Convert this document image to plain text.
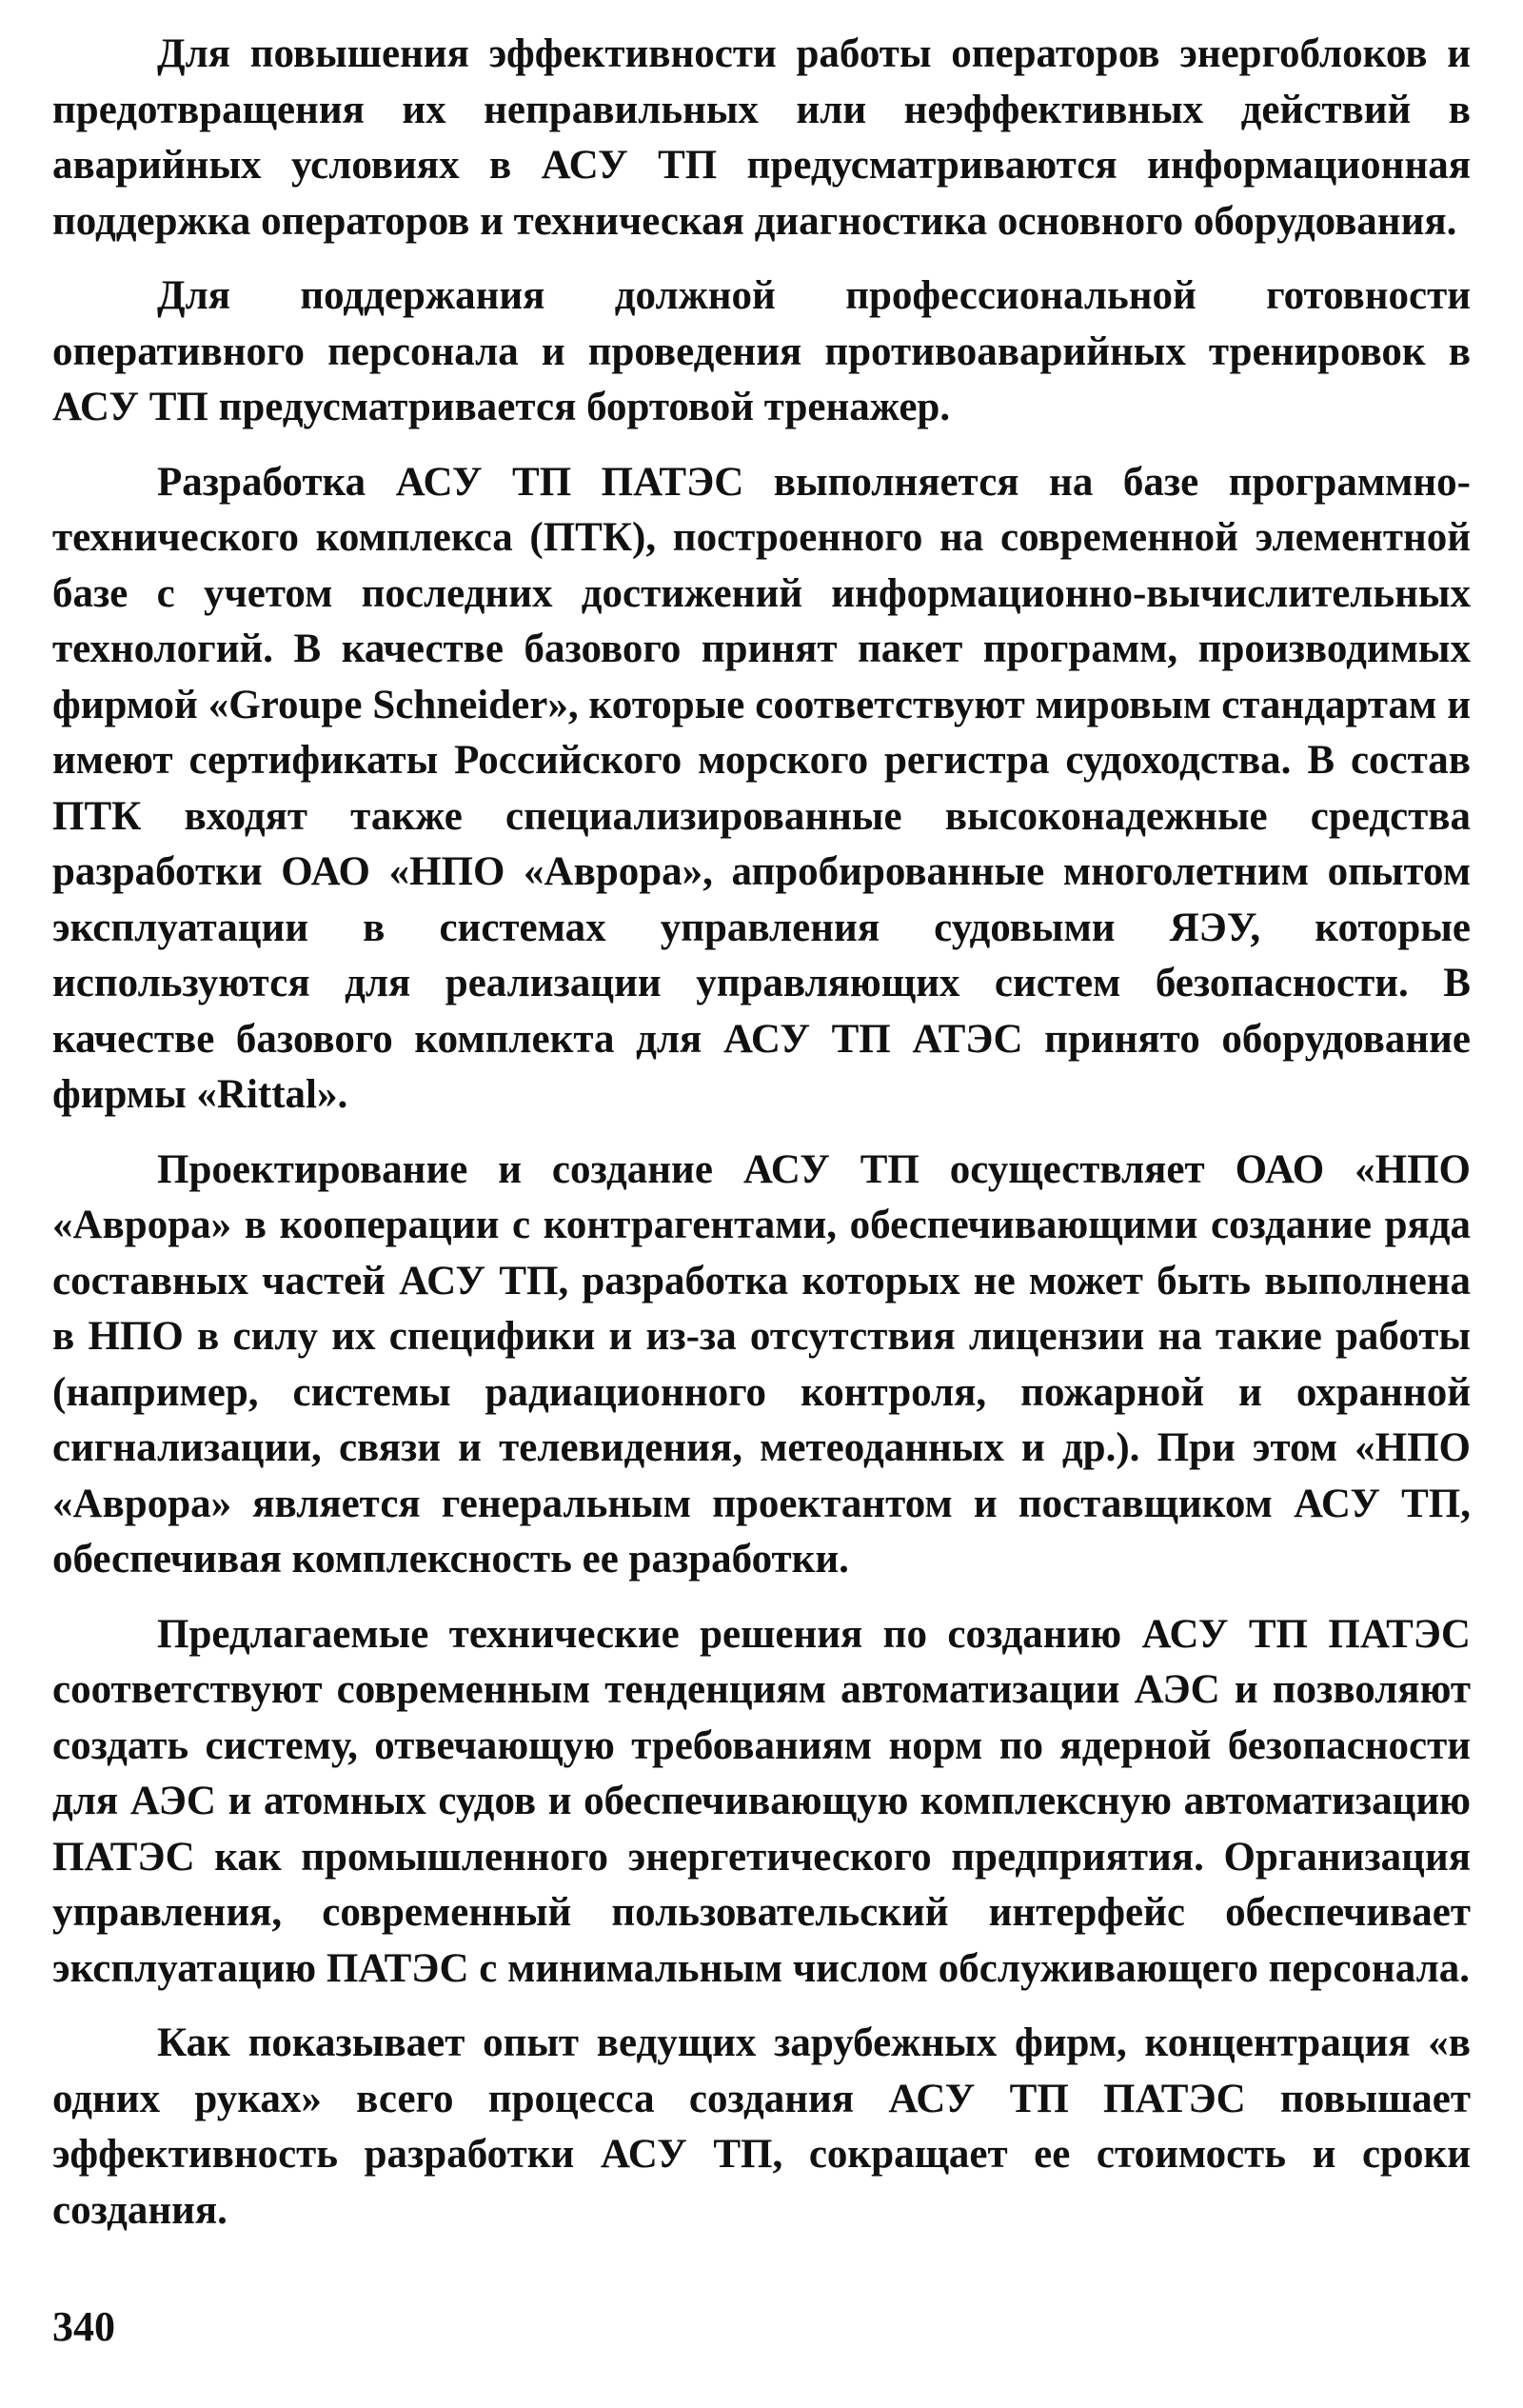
Для повышения эффективности работы операторов энергоблоков и предотвращения их неправильных или неэффективных действий в аварийных условиях в АСУ ТП предусматриваются информационная поддержка операторов и техническая диагностика основного оборудования.

Для поддержания должной профессиональной готовности оперативного персонала и проведения противоаварийных тренировок в АСУ ТП предусматривается бортовой тренажер.

Разработка АСУ ТП ПАТЭС выполняется на базе программно-технического комплекса (ПТК), построенного на современной элементной базе с учетом последних достижений информационно-вычислительных технологий. В качестве базового принят пакет программ, производимых фирмой «Groupe Schneider», которые соответствуют мировым стандартам и имеют сертификаты Российского морского регистра судоходства. В состав ПТК входят также специализированные высоконадежные средства разработки ОАО «НПО «Аврора», апробированные многолетним опытом эксплуатации в системах управления судовыми ЯЭУ, которые используются для реализации управляющих систем безопасности. В качестве базового комплекта для АСУ ТП АТЭС принято оборудование фирмы «Rittal».

Проектирование и создание АСУ ТП осуществляет ОАО «НПО «Аврора» в кооперации с контрагентами, обеспечивающими создание ряда составных частей АСУ ТП, разработка которых не может быть выполнена в НПО в силу их специфики и из-за отсутствия лицензии на такие работы (например, системы радиационного контроля, пожарной и охранной сигнализации, связи и телевидения, метеоданных и др.). При этом «НПО «Аврора» является генеральным проектантом и поставщиком АСУ ТП, обеспечивая комплексность ее разработки.

Предлагаемые технические решения по созданию АСУ ТП ПАТЭС соответствуют современным тенденциям автоматизации АЭС и позволяют создать систему, отвечающую требованиям норм по ядерной безопасности для АЭС и атомных судов и обеспечивающую комплексную автоматизацию ПАТЭС как промышленного энергетического предприятия. Организация управления, современный пользовательский интерфейс обеспечивает эксплуатацию ПАТЭС с минимальным числом обслуживающего персонала.

Как показывает опыт ведущих зарубежных фирм, концентрация «в одних руках» всего процесса создания АСУ ТП ПАТЭС повышает эффективность разработки АСУ ТП, сокращает ее стоимость и сроки создания.

340
